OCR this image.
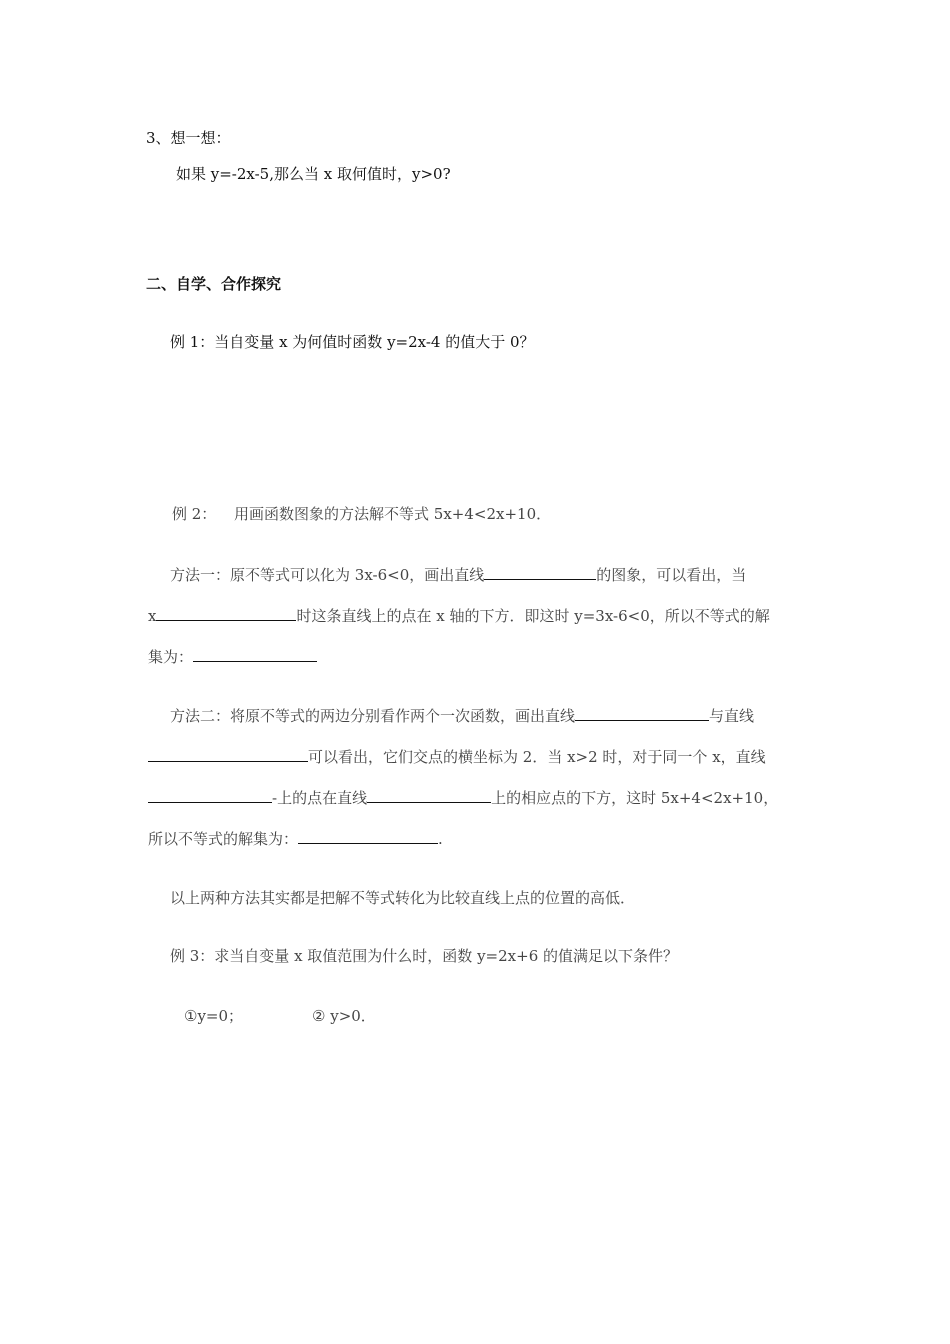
3、想一想：
如果 y=-2x-5,那么当 x 取何值时，y>0?
二、自学、合作探究
例 1：当自变量 x 为何值时函数 y=2x-4 的值大于 0？
例 2： 用画函数图象的方法解不等式 5x+4<2x+10．
方法一：原不等式可以化为 3x-6<0，画出直线	的图象，可以看出，当
x	时这条直线上的点在 x 轴的下方．即这时 y=3x-6<0，所以不等式的解
集为：
方法二：将原不等式的两边分别看作两个一次函数，画出直线	与直线
可以看出，它们交点的横坐标为 2．当 x>2 时，对于同一个 x，直线
-上的点在直线	上的相应点的下方，这时 5x+4<2x+10，
所以不等式的解集为：	.
以上两种方法其实都是把解不等式转化为比较直线上点的位置的高低．
例 3：求当自变量 x 取值范围为什么时，函数 y=2x+6 的值满足以下条件？
①y=0；	② y>0．
